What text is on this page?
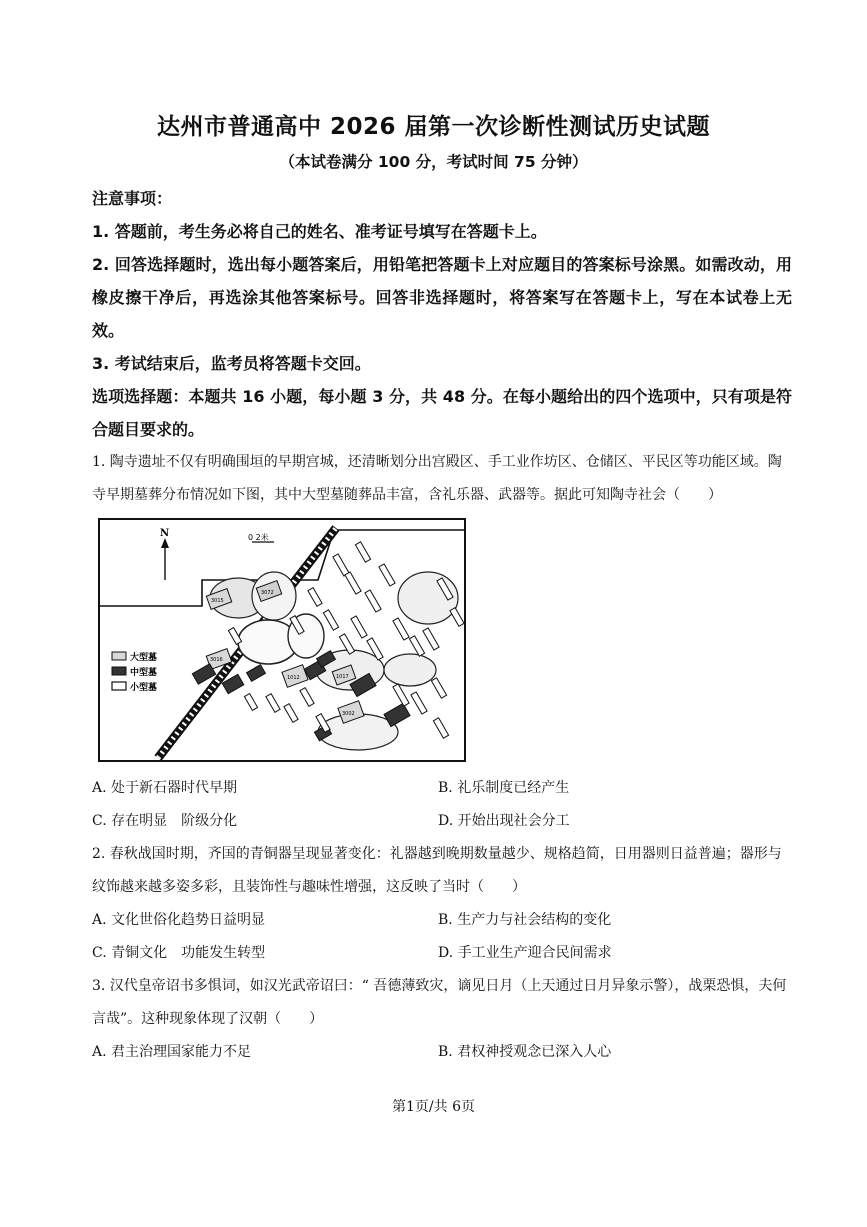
达州市普通高中 2026 届第一次诊断性测试历史试题
（本试卷满分 100 分，考试时间 75 分钟）

注意事项：

1. 答题前，考生务必将自己的姓名、准考证号填写在答题卡上。

2. 回答选择题时，选出每小题答案后，用铅笔把答题卡上对应题目的答案标号涂黑。如需改动，用橡皮擦干净后，再选涂其他答案标号。回答非选择题时，将答案写在答题卡上，写在本试卷上无效。

3. 考试结束后，监考员将答题卡交回。

选项选择题：本题共 16 小题，每小题 3 分，共 48 分。在每小题给出的四个选项中，只有项是符合题目要求的。

1. 陶寺遗址不仅有明确围垣的早期宫城，还清晰划分出宫殿区、手工业作坊区、仓储区、平民区等功能区域。陶寺早期墓葬分布情况如下图，其中大型墓随葬品丰富，含礼乐器、武器等。据此可知陶寺社会（　　）

N	0 2米
3015
3072
3016
1012
3002
1017
大型墓
中型墓
小型墓
A. 处于新石器时代早期	B. 礼乐制度已经产生
C. 存在明显　阶级分化	D. 开始出现社会分工

2. 春秋战国时期，齐国的青铜器呈现显著变化：礼器越到晚期数量越少、规格趋简，日用器则日益普遍；器形与纹饰越来越多姿多彩，且装饰性与趣味性增强，这反映了当时（　　）

A. 文化世俗化趋势日益明显	B. 生产力与社会结构的变化
C. 青铜文化　功能发生转型	D. 手工业生产迎合民间需求

3. 汉代皇帝诏书多惧词，如汉光武帝诏曰：“ 吾德薄致灾，谪见日月（上天通过日月异象示警），战栗恐惧，夫何言哉”。这种现象体现了汉朝（　　）

A. 君主治理国家能力不足	B. 君权神授观念已深入人心
第1页/共 6页
